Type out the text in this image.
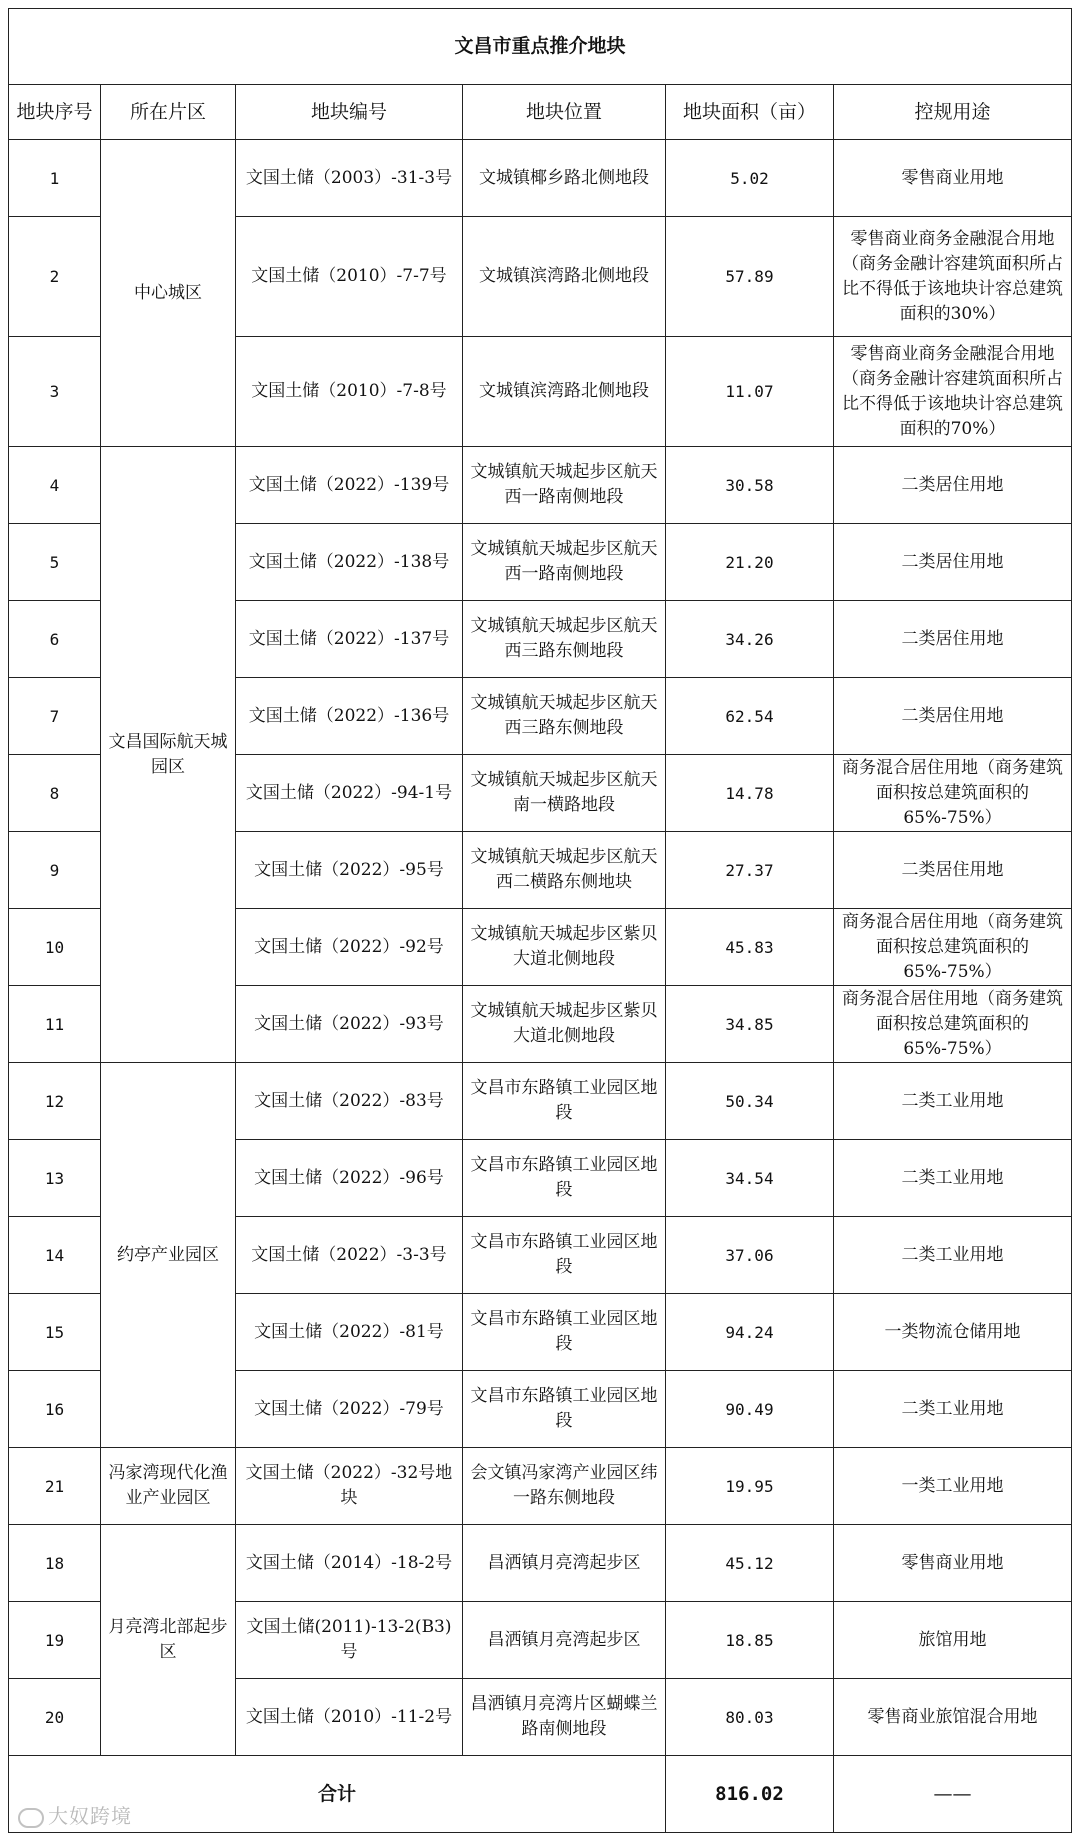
文昌市重点推介地块					
地块序号	所在片区	地块编号	地块位置	地块面积（亩）	控规用途
1	中心城区	文国土储（2003）-31-3号	文城镇椰乡路北侧地段	5.02	零售商业用地
2		文国土储（2010）-7-7号	文城镇滨湾路北侧地段	57.89	零售商业商务金融混合用地（商务金融计容建筑面积所占比不得低于该地块计容总建筑面积的30%）
3		文国土储（2010）-7-8号	文城镇滨湾路北侧地段	11.07	零售商业商务金融混合用地（商务金融计容建筑面积所占比不得低于该地块计容总建筑面积的70%）
4	文昌国际航天城园区	文国土储（2022）-139号	文城镇航天城起步区航天西一路南侧地段	30.58	二类居住用地
5		文国土储（2022）-138号	文城镇航天城起步区航天西一路南侧地段	21.20	二类居住用地
6		文国土储（2022）-137号	文城镇航天城起步区航天西三路东侧地段	34.26	二类居住用地
7		文国土储（2022）-136号	文城镇航天城起步区航天西三路东侧地段	62.54	二类居住用地
8		文国土储（2022）-94-1号	文城镇航天城起步区航天南一横路地段	14.78	商务混合居住用地（商务建筑面积按总建筑面积的65%-75%）
9		文国土储（2022）-95号	文城镇航天城起步区航天西二横路东侧地块	27.37	二类居住用地
10		文国土储（2022）-92号	文城镇航天城起步区紫贝大道北侧地段	45.83	商务混合居住用地（商务建筑面积按总建筑面积的65%-75%）
11		文国土储（2022）-93号	文城镇航天城起步区紫贝大道北侧地段	34.85	商务混合居住用地（商务建筑面积按总建筑面积的65%-75%）
12	约亭产业园区	文国土储（2022）-83号	文昌市东路镇工业园区地段	50.34	二类工业用地
13		文国土储（2022）-96号	文昌市东路镇工业园区地段	34.54	二类工业用地
14		文国土储（2022）-3-3号	文昌市东路镇工业园区地段	37.06	二类工业用地
15		文国土储（2022）-81号	文昌市东路镇工业园区地段	94.24	一类物流仓储用地
16		文国土储（2022）-79号	文昌市东路镇工业园区地段	90.49	二类工业用地
21	冯家湾现代化渔业产业园区	文国土储（2022）-32号地块	会文镇冯家湾产业园区纬一路东侧地段	19.95	一类工业用地
18	月亮湾北部起步区	文国土储（2014）-18-2号	昌洒镇月亮湾起步区	45.12	零售商业用地
19		文国土储(2011)-13-2(B3)号	昌洒镇月亮湾起步区	18.85	旅馆用地
20		文国土储（2010）-11-2号	昌洒镇月亮湾片区蝴蝶兰路南侧地段	80.03	零售商业旅馆混合用地
合计				816.02	——
大奴跨境
